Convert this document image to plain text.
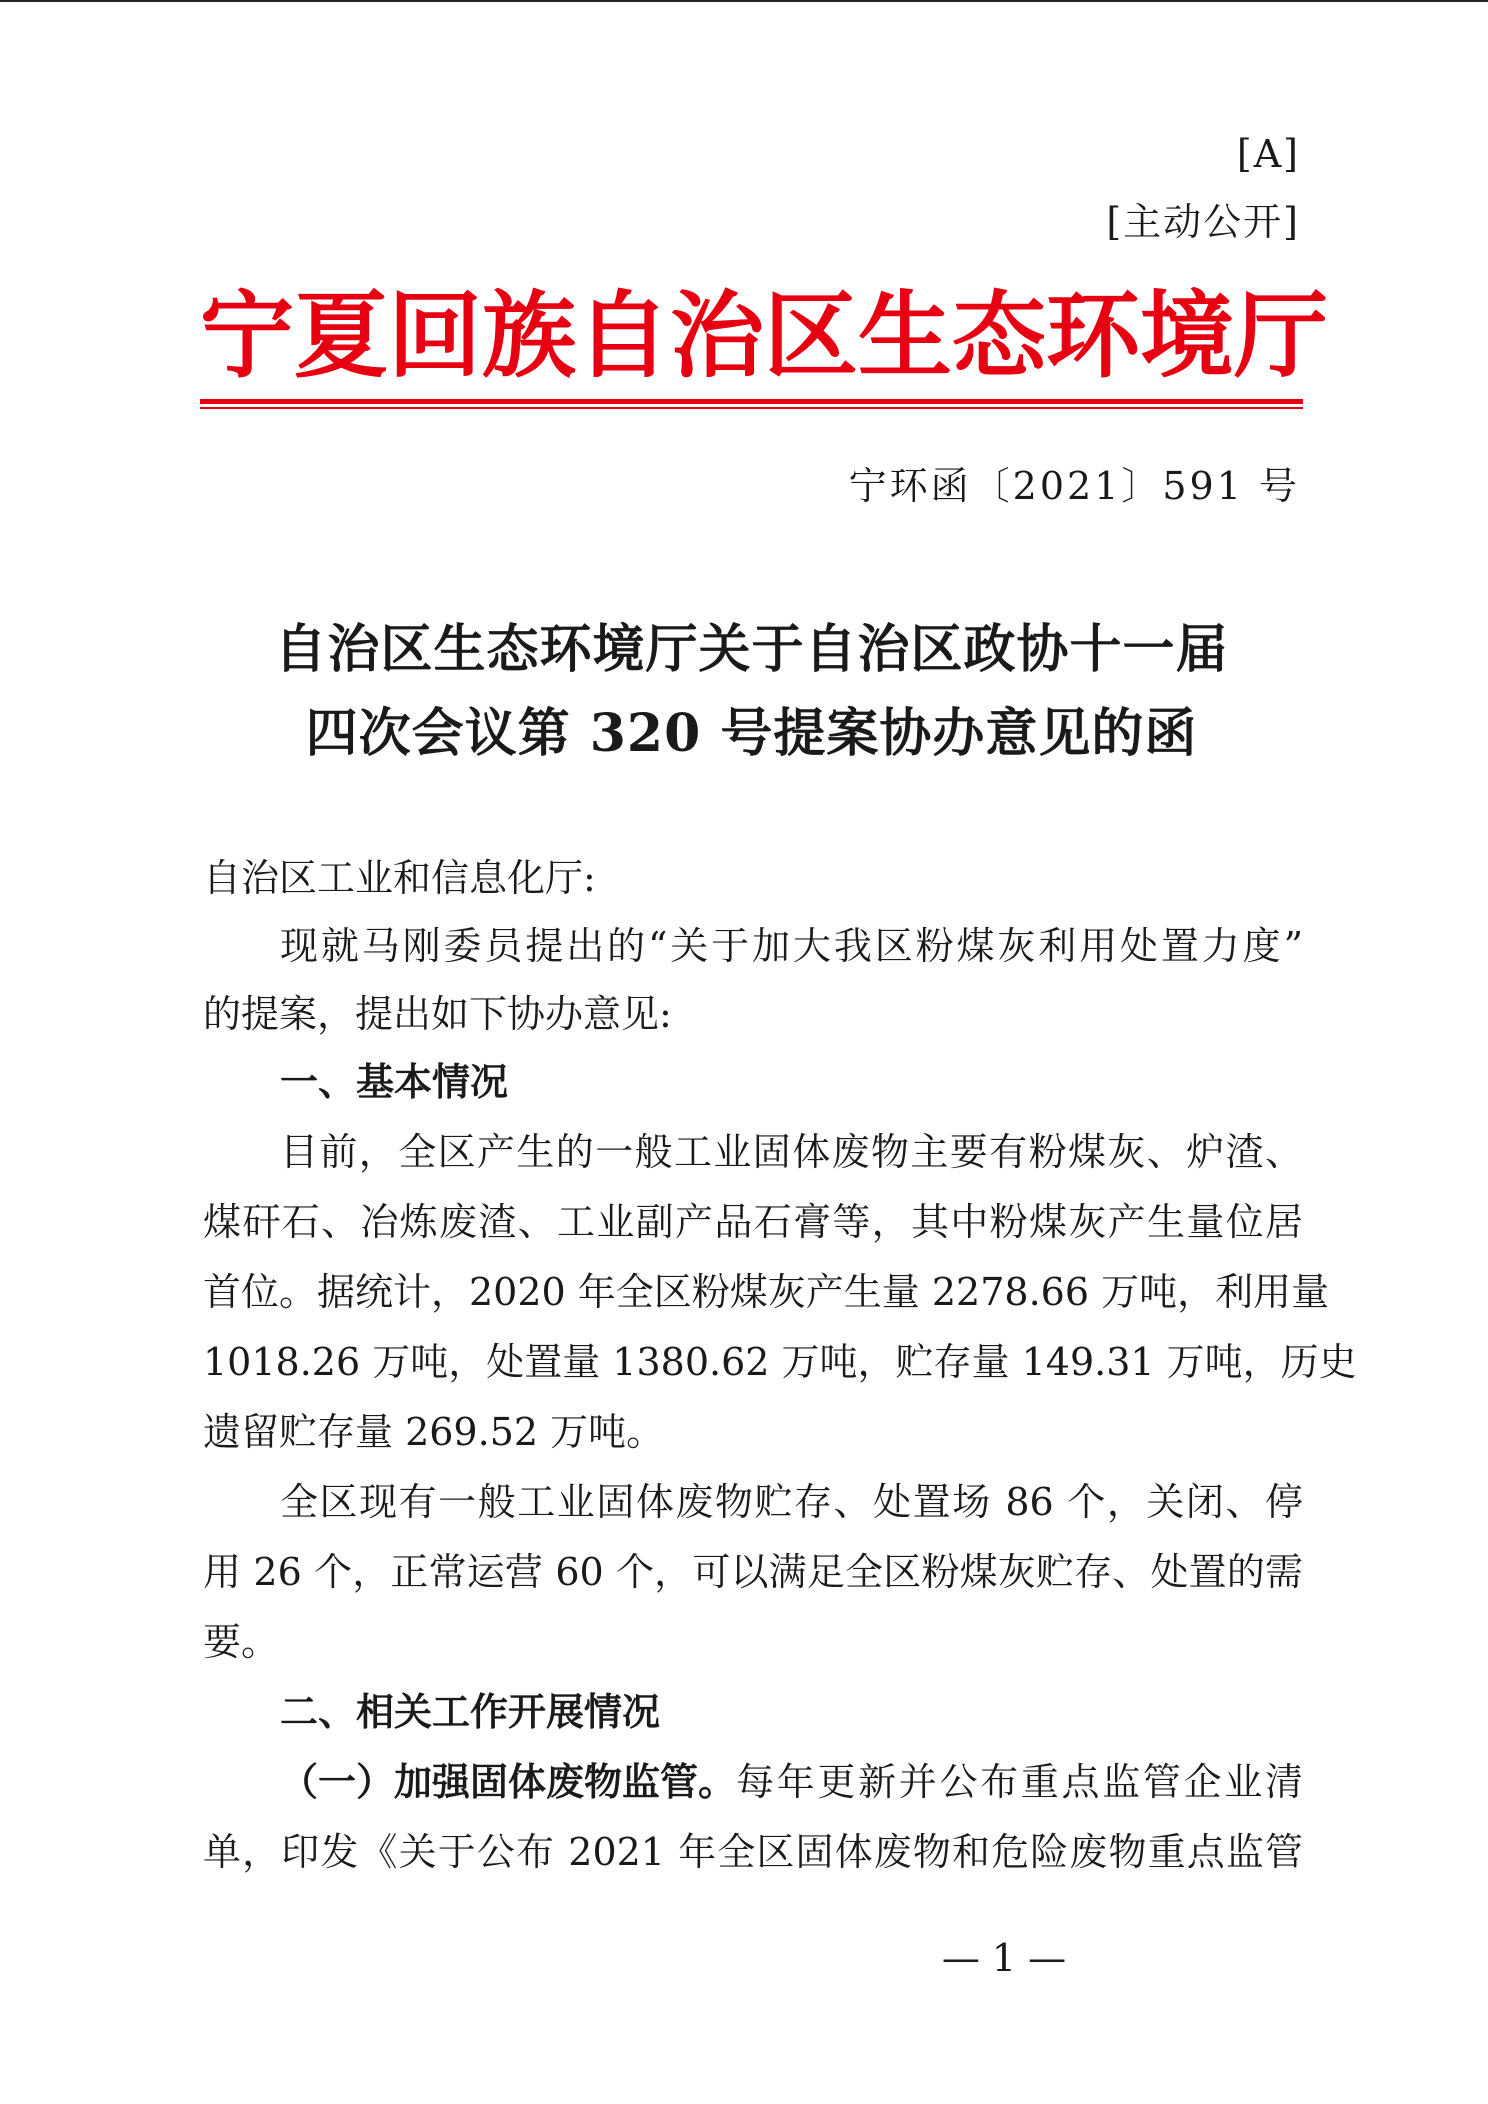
[A]
[主动公开]
宁夏回族自治区生态环境厅
宁环函〔2021〕591 号
自治区生态环境厅关于自治区政协十一届
四次会议第 320 号提案协办意见的函
自治区工业和信息化厅:
现就马刚委员提出的“关于加大我区粉煤灰利用处置力度”
的提案，提出如下协办意见:
一、基本情况
目前，全区产生的一般工业固体废物主要有粉煤灰、炉渣、
煤矸石、冶炼废渣、工业副产品石膏等，其中粉煤灰产生量位居
首位。据统计，2020 年全区粉煤灰产生量 2278.66 万吨，利用量
1018.26 万吨，处置量 1380.62 万吨，贮存量 149.31 万吨，历史
遗留贮存量 269.52 万吨。
全区现有一般工业固体废物贮存、处置场 86 个，关闭、停
用 26 个，正常运营 60 个，可以满足全区粉煤灰贮存、处置的需
要。
二、相关工作开展情况
（一）加强固体废物监管。 每年更新并公布重点监管企业清
单，印发《关于公布 2021 年全区固体废物和危险废物重点监管
— 1 —
